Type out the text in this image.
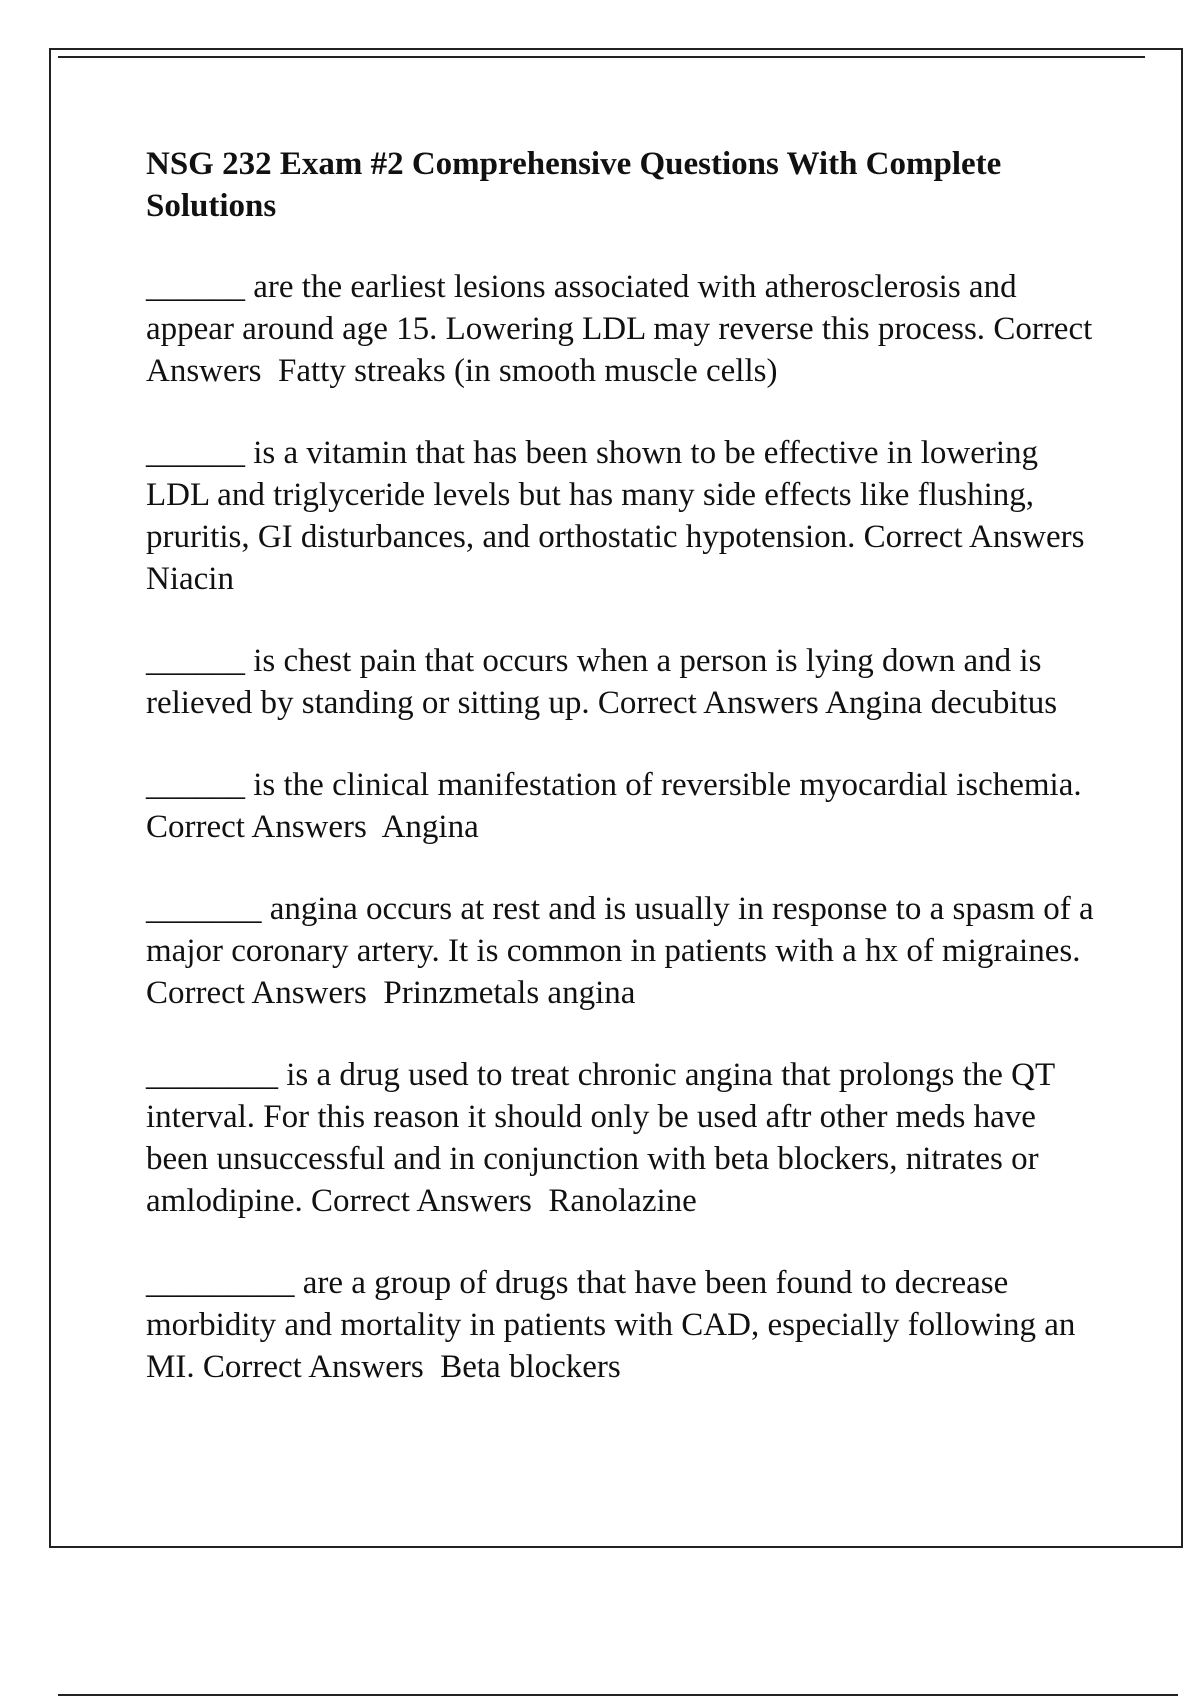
NSG 232 Exam #2 Comprehensive Questions With Complete Solutions
______ are the earliest lesions associated with atherosclerosis and appear around age 15. Lowering LDL may reverse this process. Correct Answers Fatty streaks (in smooth muscle cells)
______ is a vitamin that has been shown to be effective in lowering LDL and triglyceride levels but has many side effects like flushing, pruritis, GI disturbances, and orthostatic hypotension. Correct Answers  Niacin
______ is chest pain that occurs when a person is lying down and is relieved by standing or sitting up. Correct Answers Angina decubitus
______ is the clinical manifestation of reversible myocardial ischemia. Correct Answers Angina
_______ angina occurs at rest and is usually in response to a spasm of a major coronary artery. It is common in patients with a hx of migraines. Correct Answers Prinzmetals angina
________ is a drug used to treat chronic angina that prolongs the QT interval. For this reason it should only be used aftr other meds have been unsuccessful and in conjunction with beta blockers, nitrates or amlodipine. Correct Answers Ranolazine
_________ are a group of drugs that have been found to decrease morbidity and mortality in patients with CAD, especially following an MI. Correct Answers Beta blockers
